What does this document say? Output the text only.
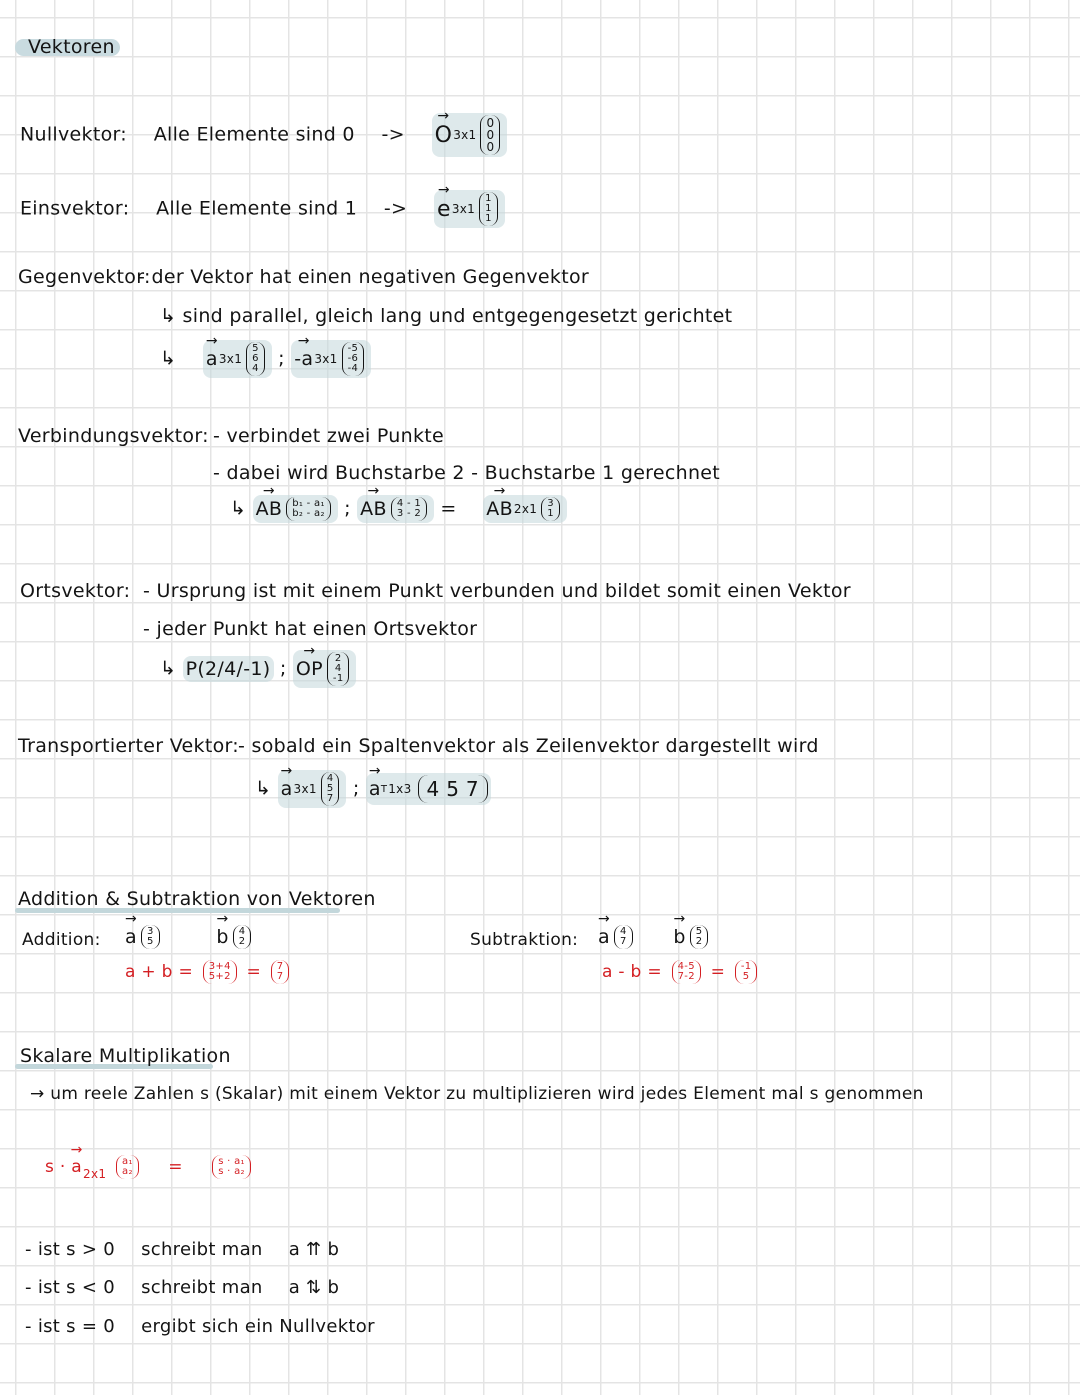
Vektoren
Nullvektor: Alle Elemente sind 0 -> → O 3x1
0
0
0
Einsvektor: Alle Elemente sind 1 -> → e 3x1
1
1
1
Gegenvektor:
- der Vektor hat einen negativen Gegenvektor
↳ sind parallel, gleich lang und entgegengesetzt gerichtet
↳ → a 3x1
5
6
4 ; → -a 3x1
-5
-6
-4
Verbindungsvektor: - verbindet zwei Punkte
- dabei wird Buchstarbe 2 - Buchstarbe 1 gerechnet
↳ → AB b₁ - a₁
b₂ - a₂ ; → AB 4 - 1
3 - 2 = → AB 2x1 3
1
Ortsvektor: - Ursprung ist mit einem Punkt verbunden und bildet somit einen Vektor
- jeder Punkt hat einen Ortsvektor
↳ P(2/4/-1) ; → OP 2
4
-1
Transportierter Vektor: - sobald ein Spaltenvektor als Zeilenvektor dargestellt wird
↳ → a 3x1
4
5
7 ; → a T 1x3 4 5 7
Addition & Subtraktion von Vektoren
Addition: → a 3
5
	→ b 4
2
a + b = 3+4
5+2 = 7
7
Subtraktion: → a 4
7
→ b 5
2
a - b = 4-5
7-2 = -1
5
Skalare Multiplikation
→ um reele Zahlen s (Skalar) mit einem Vektor zu multiplizieren wird jedes Element mal s genommen
s · → $a_{2x1}$
a₁
a₂ =	s · a₁
s · a₂
- ist s > 0 schreibt man a ⇈ b
- ist s < 0 schreibt man a ⇅ b
- ist s = 0 ergibt sich ein Nullvektor
